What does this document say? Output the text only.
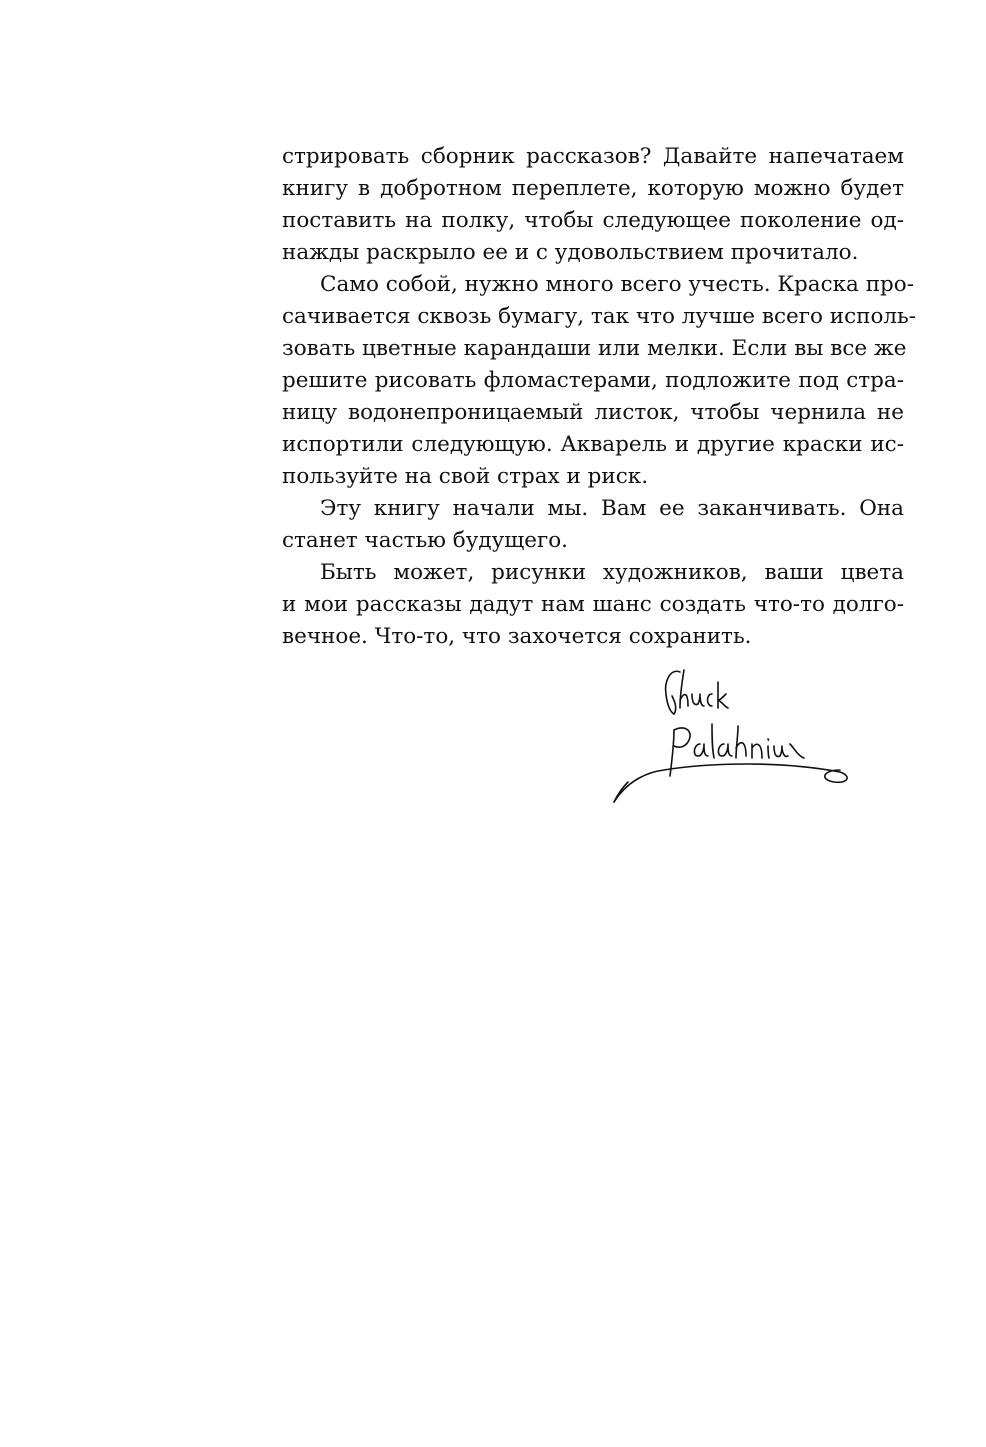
стрировать сборник рассказов? Давайте напечатаем
книгу в добротном переплете, которую можно будет
поставить на полку, чтобы следующее поколение од-
нажды раскрыло ее и с удовольствием прочитало.

Само собой, нужно много всего учесть. Краска про-
сачивается сквозь бумагу, так что лучше всего исполь-
зовать цветные карандаши или мелки. Если вы все же
решите рисовать фломастерами, подложите под стра-
ницу водонепроницаемый листок, чтобы чернила не
испортили следующую. Акварель и другие краски ис-
пользуйте на свой страх и риск.

Эту книгу начали мы. Вам ее заканчивать. Она
станет частью будущего.

Быть может, рисунки художников, ваши цвета
и мои рассказы дадут нам шанс создать что-то долго-
вечное. Что-то, что захочется сохранить.
